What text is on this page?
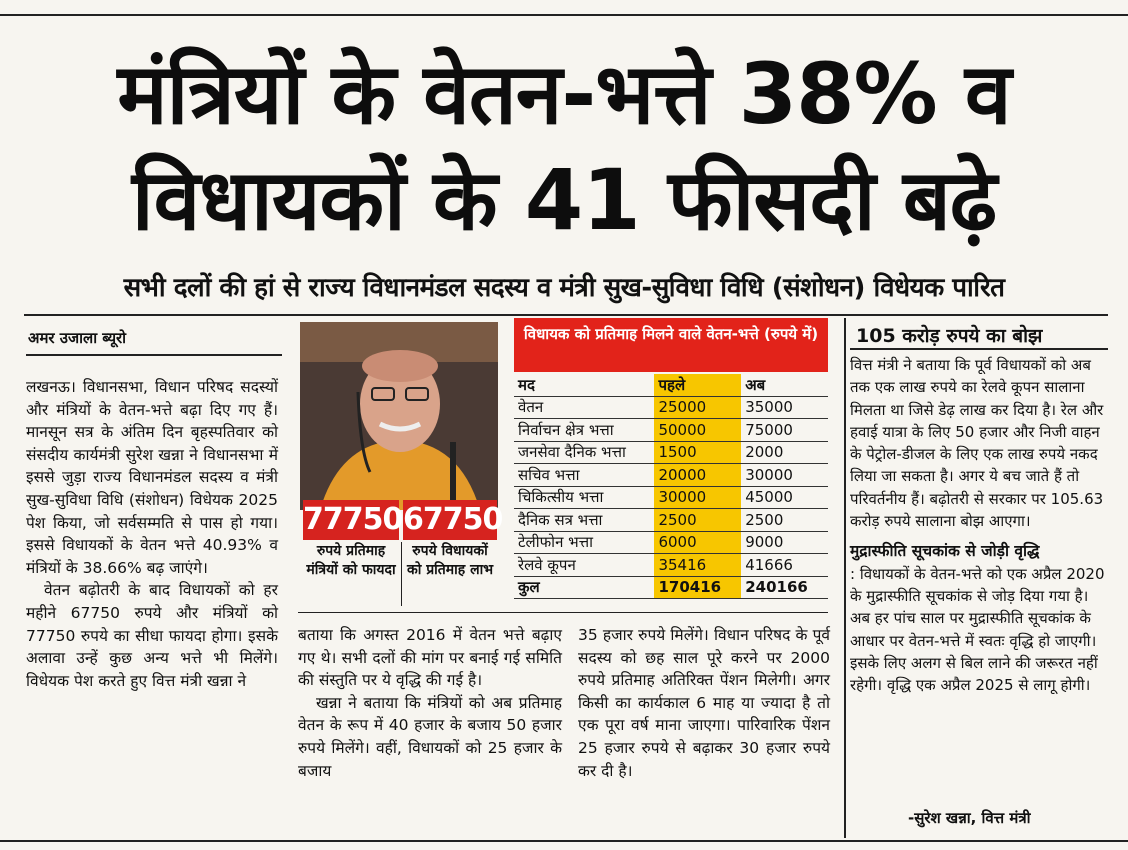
मंत्रियों के वेतन-भत्ते 38% व
विधायकों के 41 फीसदी बढ़े
सभी दलों की हां से राज्य विधानमंडल सदस्य व मंत्री सुख-सुविधा विधि (संशोधन) विधेयक पारित
अमर उजाला ब्यूरो

लखनऊ। विधानसभा, विधान परिषद सदस्यों और मंत्रियों के वेतन-भत्ते बढ़ा दिए गए हैं। मानसून सत्र के अंतिम दिन बृहस्पतिवार को संसदीय कार्यमंत्री सुरेश खन्ना ने विधानसभा में इससे जुड़ा राज्य विधानमंडल सदस्य व मंत्री सुख-सुविधा विधि (संशोधन) विधेयक 2025 पेश किया, जो सर्वसम्मति से पास हो गया। इससे विधायकों के वेतन भत्ते 40.93% व मंत्रियों के 38.66% बढ़ जाएंगे।

वेतन बढ़ोतरी के बाद विधायकों को हर महीने 67750 रुपये और मंत्रियों को 77750 रुपये का सीधा फायदा होगा। इसके अलावा उन्हें कुछ अन्य भत्ते भी मिलेंगे। विधेयक पेश करते हुए वित्त मंत्री खन्ना ने

77750 67750
रुपये प्रतिमाह मंत्रियों को फायदा
रुपये विधायकों को प्रतिमाह लाभ
विधायक को प्रतिमाह मिलने वाले वेतन-भत्ते (रुपये में)
मद	पहले	अब
वेतन	25000	35000
निर्वाचन क्षेत्र भत्ता	50000	75000
जनसेवा दैनिक भत्ता	1500	2000
सचिव भत्ता	20000	30000
चिकित्सीय भत्ता	30000	45000
दैनिक सत्र भत्ता	2500	2500
टेलीफोन भत्ता	6000	9000
रेलवे कूपन	35416	41666
कुल	170416	240166

बताया कि अगस्त 2016 में वेतन भत्ते बढ़ाए गए थे। सभी दलों की मांग पर बनाई गई समिति की संस्तुति पर ये वृद्धि की गई है।

खन्ना ने बताया कि मंत्रियों को अब प्रतिमाह वेतन के रूप में 40 हजार के बजाय 50 हजार रुपये मिलेंगे। वहीं, विधायकों को 25 हजार के बजाय

35 हजार रुपये मिलेंगे। विधान परिषद के पूर्व सदस्य को छह साल पूरे करने पर 2000 रुपये प्रतिमाह अतिरिक्त पेंशन मिलेगी। अगर किसी का कार्यकाल 6 माह या ज्यादा है तो एक पूरा वर्ष माना जाएगा। पारिवारिक पेंशन 25 हजार रुपये से बढ़ाकर 30 हजार रुपये कर दी है।

105 करोड़ रुपये का बोझ

वित्त मंत्री ने बताया कि पूर्व विधायकों को अब तक एक लाख रुपये का रेलवे कूपन सालाना मिलता था जिसे डेढ़ लाख कर दिया है। रेल और हवाई यात्रा के लिए 50 हजार और निजी वाहन के पेट्रोल-डीजल के लिए एक लाख रुपये नकद लिया जा सकता है। अगर ये बच जाते हैं तो परिवर्तनीय हैं। बढ़ोतरी से सरकार पर 105.63 करोड़ रुपये सालाना बोझ आएगा।

मुद्रास्फीति सूचकांक से जोड़ी वृद्धि

: विधायकों के वेतन-भत्ते को एक अप्रैल 2020 के मुद्रास्फीति सूचकांक से जोड़ दिया गया है। अब हर पांच साल पर मुद्रास्फीति सूचकांक के आधार पर वेतन-भत्ते में स्वतः वृद्धि हो जाएगी। इसके लिए अलग से बिल लाने की जरूरत नहीं रहेगी। वृद्धि एक अप्रैल 2025 से लागू होगी।

-सुरेश खन्ना, वित्त मंत्री
